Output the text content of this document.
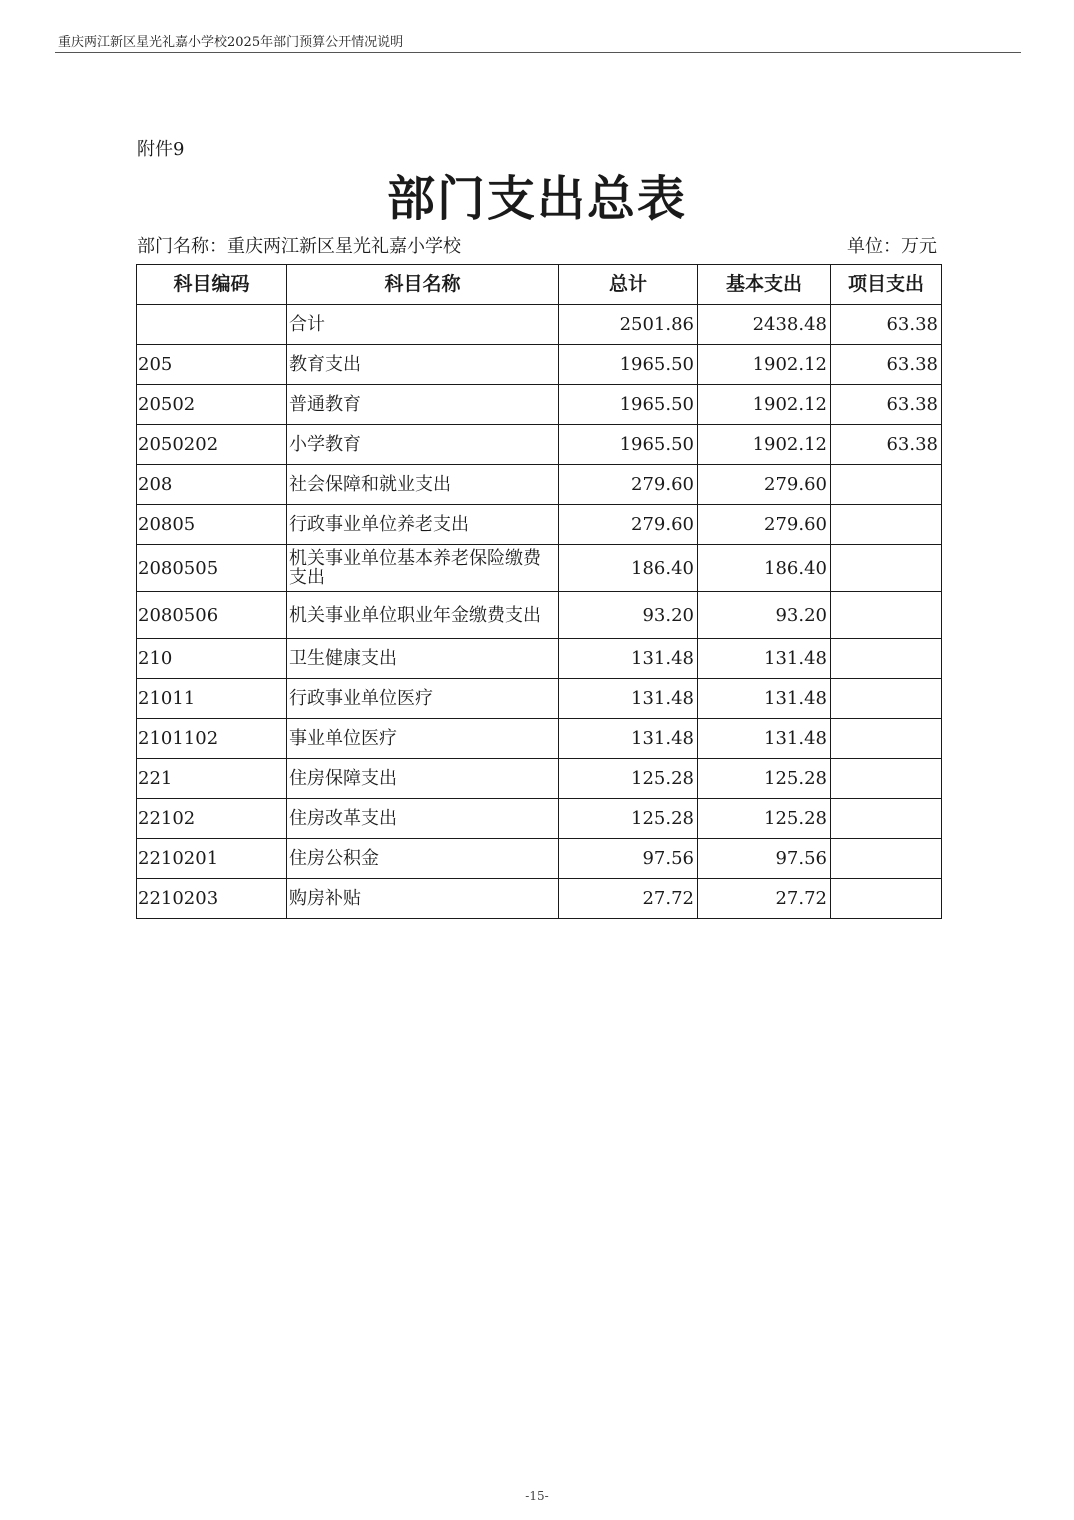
重庆两江新区星光礼嘉小学校2025年部门预算公开情况说明
附件9
部门支出总表
部门名称：重庆两江新区星光礼嘉小学校	单位：万元
科目编码	科目名称	总计	基本支出	项目支出
	合计	2501.86	2438.48	63.38
205	教育支出	1965.50	1902.12	63.38
20502	普通教育	1965.50	1902.12	63.38
2050202	小学教育	1965.50	1902.12	63.38
208	社会保障和就业支出	279.60	279.60	
20805	行政事业单位养老支出	279.60	279.60	
2080505	机关事业单位基本养老保险缴费支出	186.40	186.40	
2080506	机关事业单位职业年金缴费支出	93.20	93.20	
210	卫生健康支出	131.48	131.48	
21011	行政事业单位医疗	131.48	131.48	
2101102	事业单位医疗	131.48	131.48	
221	住房保障支出	125.28	125.28	
22102	住房改革支出	125.28	125.28	
2210201	住房公积金	97.56	97.56	
2210203	购房补贴	27.72	27.72	
-15-
